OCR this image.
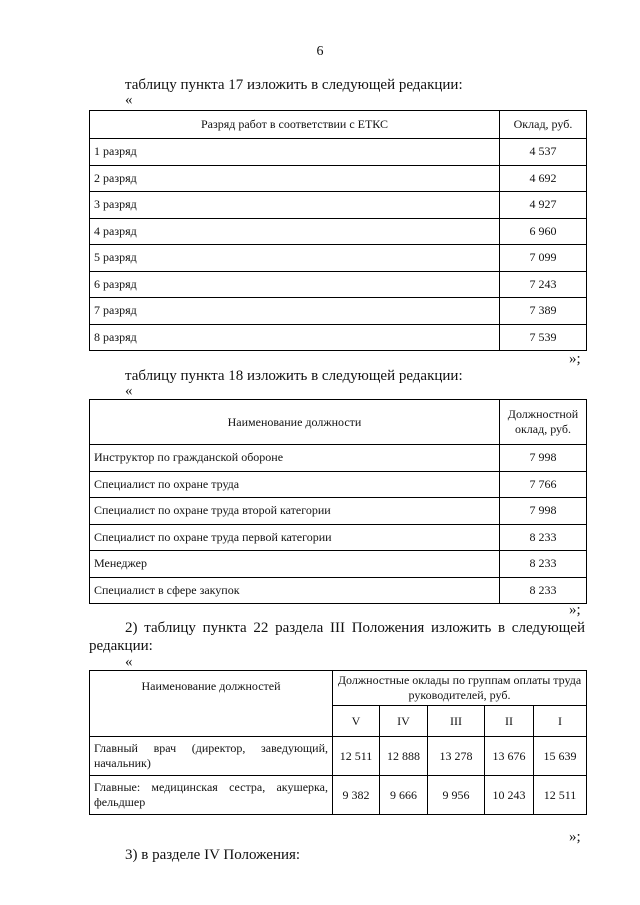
6
таблицу пункта 17 изложить в следующей редакции:
«
Разряд работ в соответствии с ЕТКС	Оклад, руб.
1 разряд	4 537
2 разряд	4 692
3 разряд	4 927
4 разряд	6 960
5 разряд	7 099
6 разряд	7 243
7 разряд	7 389
8 разряд	7 539
»;
таблицу пункта 18 изложить в следующей редакции:
«
Наименование должности	Должностной оклад, руб.
Инструктор по гражданской обороне	7 998
Специалист по охране труда	7 766
Специалист по охране труда второй категории	7 998
Специалист по охране труда первой категории	8 233
Менеджер	8 233
Специалист в сфере закупок	8 233
»;
2) таблицу пункта 22 раздела III Положения изложить в следующей
редакции:
«
Наименование должностей	Должностные оклады по группам оплаты труда руководителей, руб.				
	V	IV	III	II	I
Главный врач (директор, заведующий, начальник)	12 511	12 888	13 278	13 676	15 639
Главные: медицинская сестра, акушерка, фельдшер	9 382	9 666	9 956	10 243	12 511
»;
3) в разделе IV Положения:
